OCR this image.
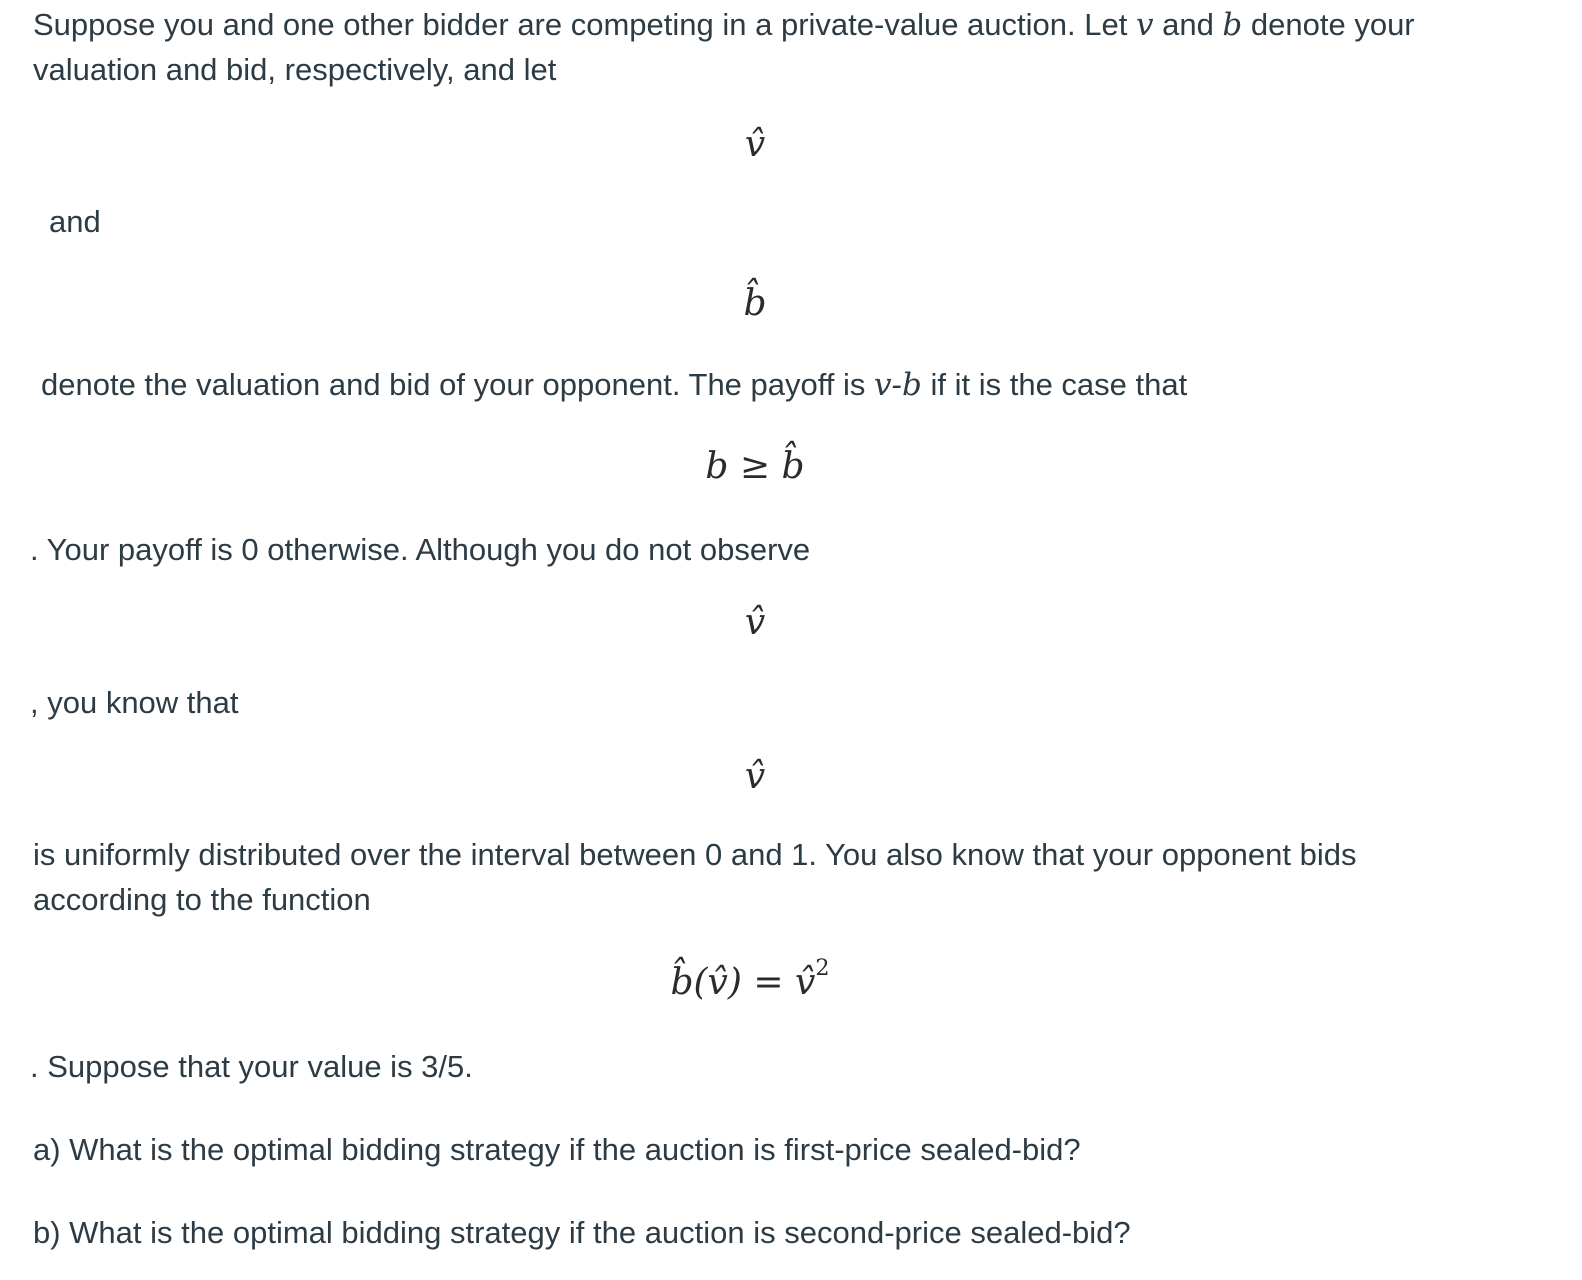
Suppose you and one other bidder are competing in a private-value auction. Let v and b denote your
valuation and bid, respectively, and let
v̂
and
b̂
denote the valuation and bid of your opponent. The payoff is v-b if it is the case that
b ≥ b̂
. Your payoff is 0 otherwise. Although you do not observe
v̂
, you know that
v̂
is uniformly distributed over the interval between 0 and 1. You also know that your opponent bids
according to the function
b̂(v̂) = v̂$^2$
. Suppose that your value is 3/5.
a) What is the optimal bidding strategy if the auction is first-price sealed-bid?
b) What is the optimal bidding strategy if the auction is second-price sealed-bid?
